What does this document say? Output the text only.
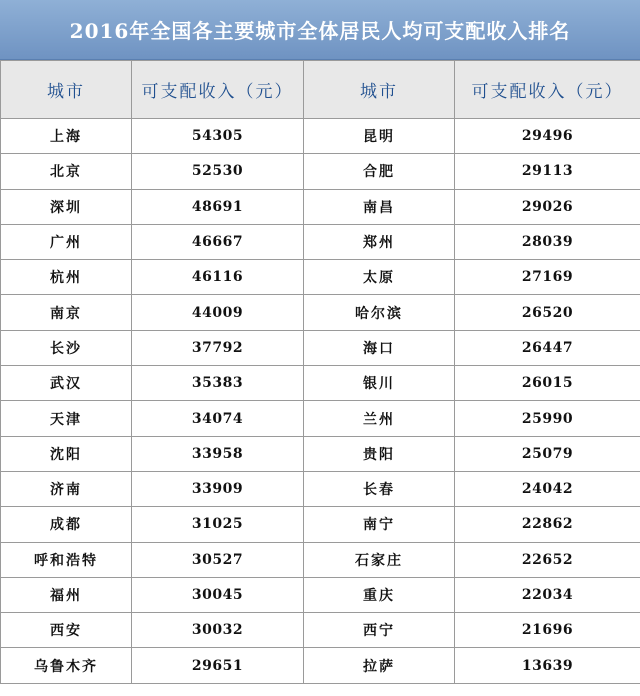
2016年全国各主要城市全体居民人均可支配收入排名
城市	可支配收入（元）	城市	可支配收入（元）
上海	54305	昆明	29496
北京	52530	合肥	29113
深圳	48691	南昌	29026
广州	46667	郑州	28039
杭州	46116	太原	27169
南京	44009	哈尔滨	26520
长沙	37792	海口	26447
武汉	35383	银川	26015
天津	34074	兰州	25990
沈阳	33958	贵阳	25079
济南	33909	长春	24042
成都	31025	南宁	22862
呼和浩特	30527	石家庄	22652
福州	30045	重庆	22034
西安	30032	西宁	21696
乌鲁木齐	29651	拉萨	13639
